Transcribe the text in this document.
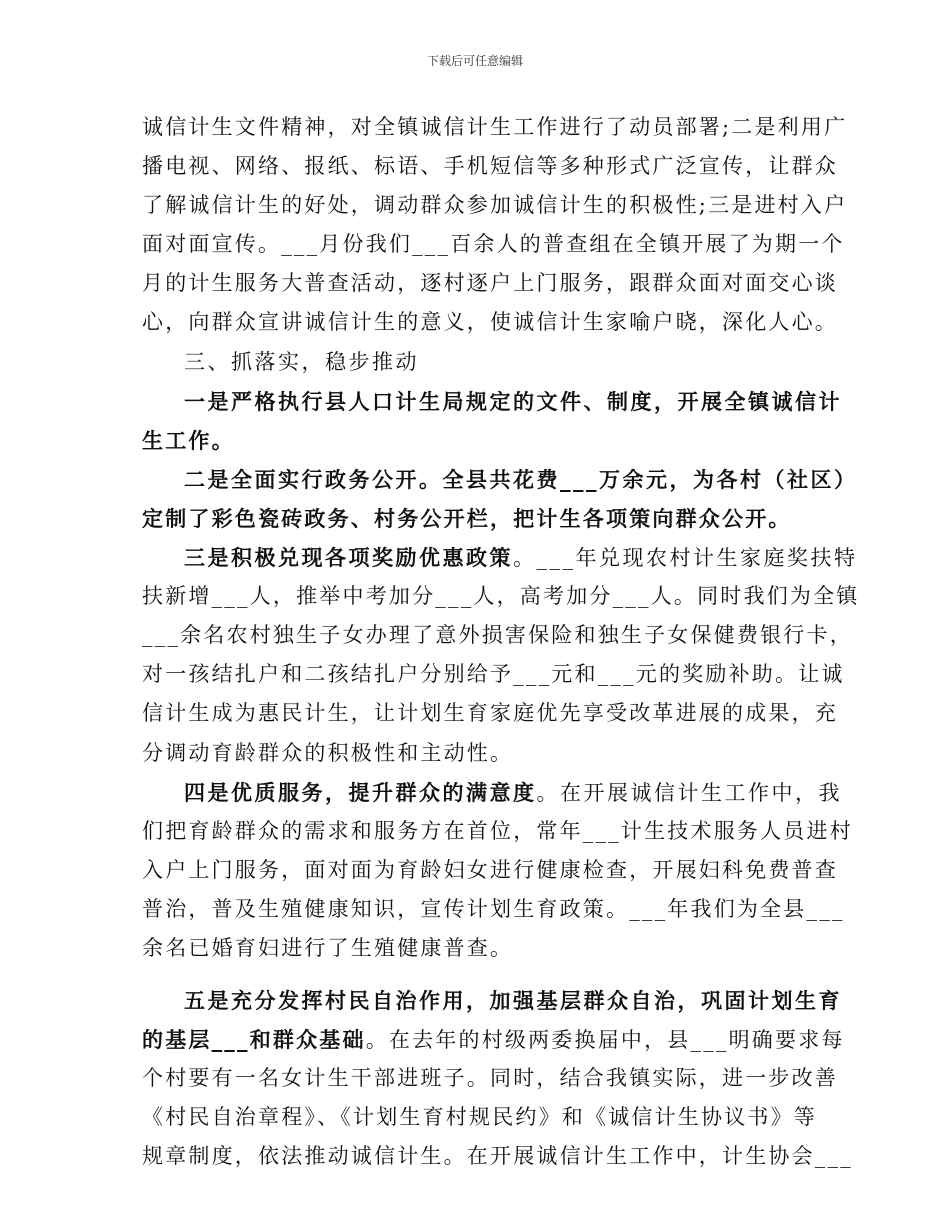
下载后可任意编辑
诚信计生文件精神，对全镇诚信计生工作进行了动员部署;二是利用广
播电视、网络、报纸、标语、手机短信等多种形式广泛宣传，让群众
了解诚信计生的好处，调动群众参加诚信计生的积极性;三是进村入户
面对面宣传。___月份我们___百余人的普查组在全镇开展了为期一个
月的计生服务大普查活动，逐村逐户上门服务，跟群众面对面交心谈
心，向群众宣讲诚信计生的意义，使诚信计生家喻户晓，深化人心。
三、抓落实，稳步推动
一是严格执行县人口计生局规定的文件、制度，开展全镇诚信计
生工作。
二是全面实行政务公开。全县共花费___万余元，为各村（社区）
定制了彩色瓷砖政务、村务公开栏，把计生各项策向群众公开。
三是积极兑现各项奖励优惠政策。___年兑现农村计生家庭奖扶特
扶新增___人，推举中考加分___人，高考加分___人。同时我们为全镇
___余名农村独生子女办理了意外损害保险和独生子女保健费银行卡，
对一孩结扎户和二孩结扎户分别给予___元和___元的奖励补助。让诚
信计生成为惠民计生，让计划生育家庭优先享受改革进展的成果，充
分调动育龄群众的积极性和主动性。
四是优质服务，提升群众的满意度。在开展诚信计生工作中，我
们把育龄群众的需求和服务方在首位，常年___计生技术服务人员进村
入户上门服务，面对面为育龄妇女进行健康检查，开展妇科免费普查
普治，普及生殖健康知识，宣传计划生育政策。___年我们为全县___
余名已婚育妇进行了生殖健康普查。
五是充分发挥村民自治作用，加强基层群众自治，巩固计划生育
的基层___和群众基础。在去年的村级两委换届中，县___明确要求每
个村要有一名女计生干部进班子。同时，结合我镇实际，进一步改善
《村民自治章程》、《计划生育村规民约》和《诚信计生协议书》等
规章制度，依法推动诚信计生。在开展诚信计生工作中，计生协会___
